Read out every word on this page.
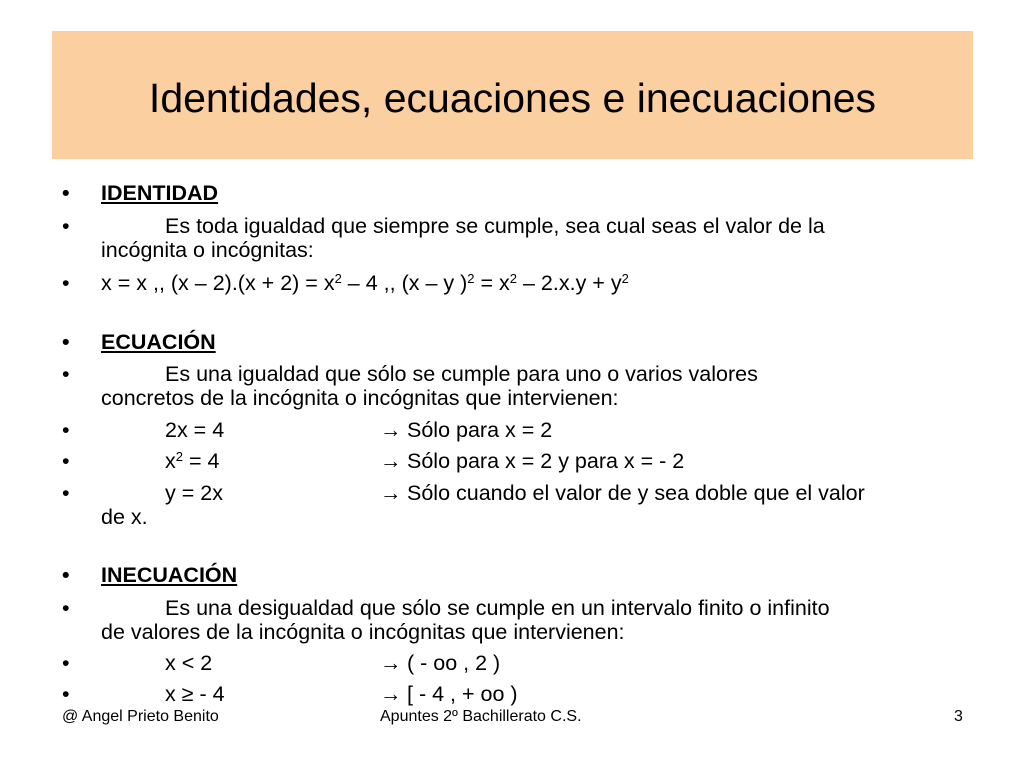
Identidades, ecuaciones e inecuaciones
• IDENTIDAD
•	Es toda igualdad que siempre se cumple, sea cual seas el valor de la
incógnita o incógnitas:
• x = x ,, $(x - 2).(x + 2) = x^2 - 4$ ,, (x – y )$^2 = x^2 - 2.x.y + y^2$
• ECUACIÓN
•	Es una igualdad que sólo se cumple para uno o varios valores
concretos de la incógnita o incógnitas que intervienen:
•	2x = 4	→ Sólo para x = 2
•	$x^2 = 4$	→ Sólo para x = 2 y para x = - 2
•	y = 2x	→ Sólo cuando el valor de y sea doble que el valor
de x.
• INECUACIÓN
•	Es una desigualdad que sólo se cumple en un intervalo finito o infinito
de valores de la incógnita o incógnitas que intervienen:
•	x < 2	→ ( - oo , 2 )
•	x ≥ - 4	→ [ - 4 , + oo )
@ Angel Prieto Benito	Apuntes 2º Bachillerato C.S.	3
